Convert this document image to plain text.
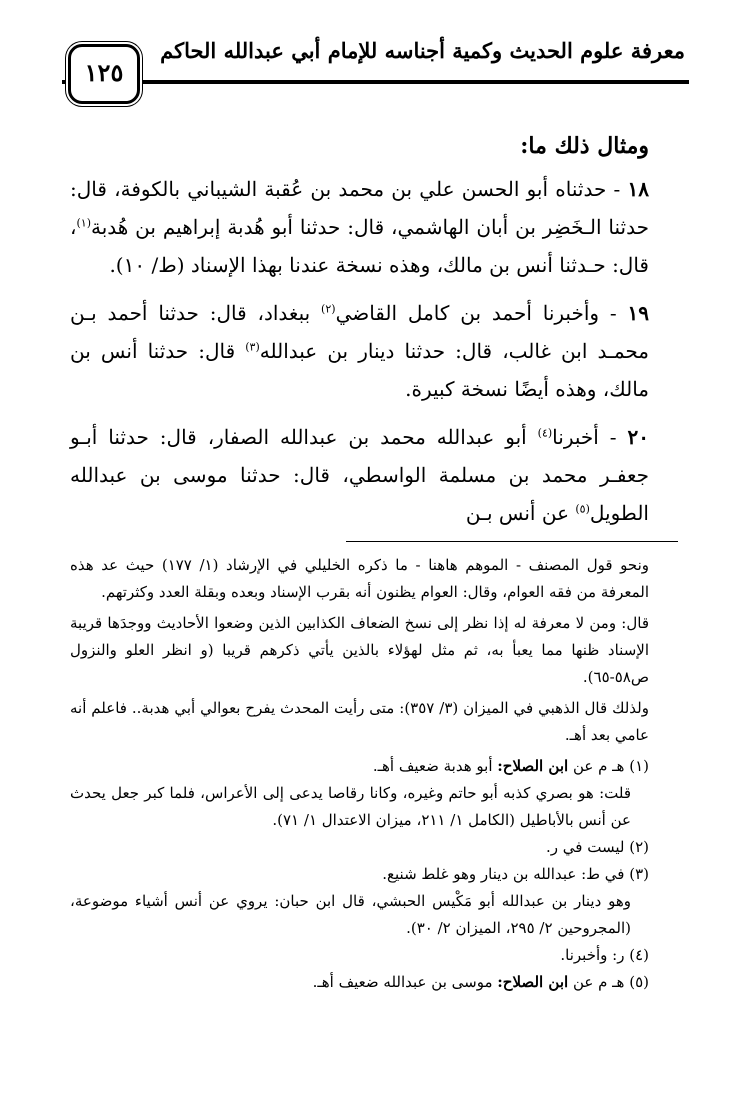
معرفة علوم الحديث وكمية أجناسه للإمام أبي عبدالله الحاكم
١٢٥

ومثال ذلك ما:

١٨ - حدثناه أبو الحسن علي بن محمد بن عُقبة الشيباني بالكوفة، قال: حدثنا الـخَضِر بن أبان الهاشمي، قال: حدثنا أبو هُدبة إبراهيم بن هُدبة$^{(١)}$، قال: حـدثنا أنس بن مالك، وهذه نسخة عندنا بهذا الإسناد (ط/ ١٠).

١٩ - وأخبرنا أحمد بن كامل القاضي$^{(٢)}$ ببغداد، قال: حدثنا أحمد بـن محمـد ابن غالب، قال: حدثنا دينار بن عبدالله$^{(٣)}$ قال: حدثنا أنس بن مالك، وهذه أيضًا نسخة كبيرة.

٢٠ - أخبرنا$^{(٤)}$ أبو عبدالله محمد بن عبدالله الصفار، قال: حدثنا أبـو جعفـر محمد بن مسلمة الواسطي، قال: حدثنا موسى بن عبدالله الطويل$^{(٥)}$ عن أنس بـن

ونحو قول المصنف - الموهم هاهنا - ما ذكره الخليلي في الإرشاد (١/ ١٧٧) حيث عد هذه المعرفة من فقه العوام، وقال: العوام يظنون أنه بقرب الإسناد وبعده وبقلة العدد وكثرتهم.

قال: ومن لا معرفة له إذا نظر إلى نسخ الضعاف الكذابين الذين وضعوا الأحاديث ووجدَها قريبة الإسناد ظنها مما يعبأ به، ثم مثل لهؤلاء بالذين يأتي ذكرهم قريبا (و انظر العلو والنزول ص٥٨-٦٥).

ولذلك قال الذهبي في الميزان (٣/ ٣٥٧): متى رأيت المحدث يفرح بعوالي أبي هدبة.. فاعلم أنه عامي بعد أهـ.

(١) هـ م عن ابن الصلاح: أبو هدبة ضعيف أهـ.

قلت: هو بصري كذبه أبو حاتم وغيره، وكانا رقاصا يدعى إلى الأعراس، فلما كبر جعل يحدث عن أنس بالأباطيل (الكامل ١/ ٢١١، ميزان الاعتدال ١/ ٧١).

(٢) ليست في ر.

(٣) في ط: عبدالله بن دينار وهو غلط شنيع.

وهو دينار بن عبدالله أبو مَكْيس الحبشي، قال ابن حبان: يروي عن أنس أشياء موضوعة، (المجروحين ٢/ ٢٩٥، الميزان ٢/ ٣٠).

(٤) ر: وأخبرنا.

(٥) هـ م عن ابن الصلاح: موسى بن عبدالله ضعيف أهـ.
